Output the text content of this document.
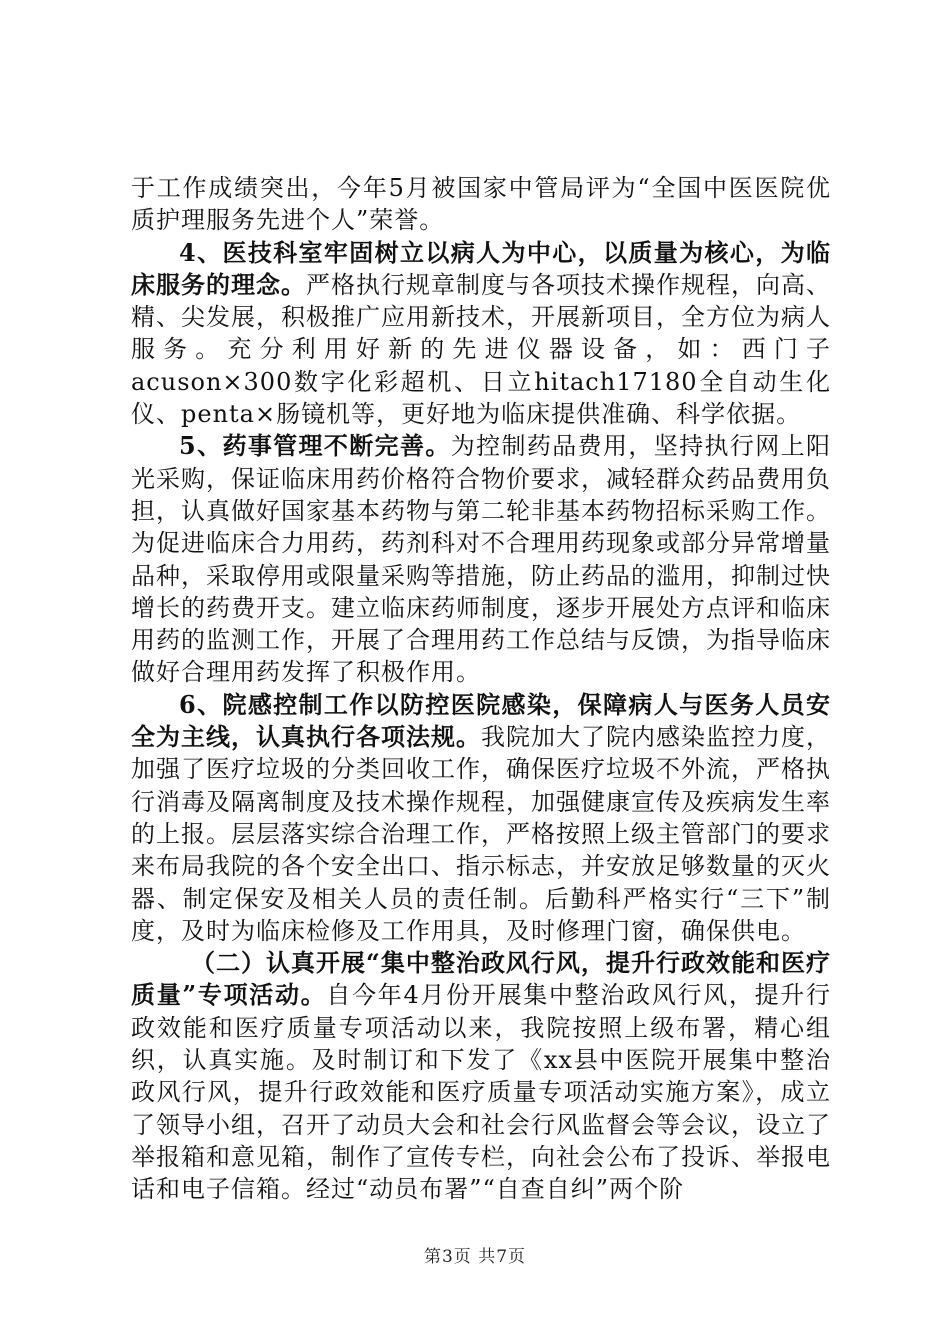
于工作成绩突出，今年5月被国家中管局评为“全国中医医院优质护理服务先进个人”荣誉。

4、医技科室牢固树立以病人为中心，以质量为核心，为临床服务的理念。严格执行规章制度与各项技术操作规程，向高、精、尖发展，积极推广应用新技术，开展新项目，全方位为病人服务。充分利用好新的先进仪器设备，如：西门子acuson×300数字化彩超机、日立hitach17180全自动生化仪、penta×肠镜机等，更好地为临床提供准确、科学依据。

5、药事管理不断完善。为控制药品费用，坚持执行网上阳光采购，保证临床用药价格符合物价要求，减轻群众药品费用负担，认真做好国家基本药物与第二轮非基本药物招标采购工作。为促进临床合力用药，药剂科对不合理用药现象或部分异常增量品种，采取停用或限量采购等措施，防止药品的滥用，抑制过快增长的药费开支。建立临床药师制度，逐步开展处方点评和临床用药的监测工作，开展了合理用药工作总结与反馈，为指导临床做好合理用药发挥了积极作用。

6、院感控制工作以防控医院感染，保障病人与医务人员安全为主线，认真执行各项法规。我院加大了院内感染监控力度，加强了医疗垃圾的分类回收工作，确保医疗垃圾不外流，严格执行消毒及隔离制度及技术操作规程，加强健康宣传及疾病发生率的上报。层层落实综合治理工作，严格按照上级主管部门的要求来布局我院的各个安全出口、指示标志，并安放足够数量的灭火器、制定保安及相关人员的责任制。后勤科严格实行“三下”制度，及时为临床检修及工作用具，及时修理门窗，确保供电。

（二）认真开展“集中整治政风行风，提升行政效能和医疗质量”专项活动。自今年4月份开展集中整治政风行风，提升行政效能和医疗质量专项活动以来，我院按照上级布署，精心组织，认真实施。及时制订和下发了《xx县中医院开展集中整治政风行风，提升行政效能和医疗质量专项活动实施方案》，成立了领导小组，召开了动员大会和社会行风监督会等会议，设立了举报箱和意见箱，制作了宣传专栏，向社会公布了投诉、举报电话和电子信箱。经过“动员布署”“自查自纠”两个阶

第3页 共7页
